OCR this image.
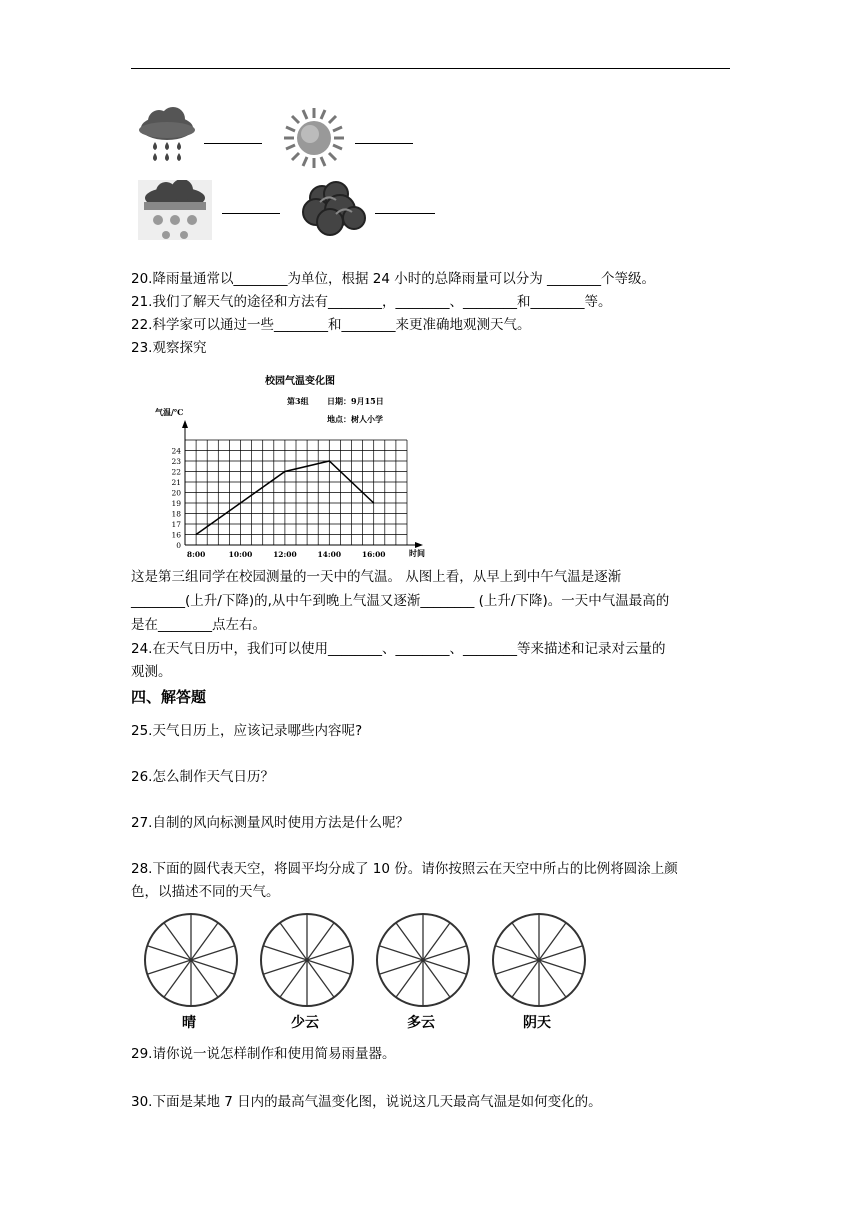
20.降雨量通常以________为单位，根据 24 小时的总降雨量可以分为 ________个等级。
21.我们了解天气的途径和方法有________，________、________和________等。
22.科学家可以通过一些________和________来更准确地观测天气。
23.观察探究
校园气温变化图
第3组 日期：9月15日
地点：树人小学
气温/℃
时间
0
16
17
18
19
20
21
22
23
24
8:00	10:00	12:00	14:00	16:00
这是第三组同学在校园测量的一天中的气温。 从图上看，从早上到中午气温是逐渐
________(上升/下降)的,从中午到晚上气温又逐渐________ (上升/下降)。一天中气温最高的
是在________点左右。
24.在天气日历中，我们可以使用________、________、________等来描述和记录对云量的
观测。
四、解答题
25.天气日历上，应该记录哪些内容呢?
26.怎么制作天气日历？
27.自制的风向标测量风时使用方法是什么呢？
28.下面的圆代表天空，将圆平均分成了 10 份。请你按照云在天空中所占的比例将圆涂上颜
色，以描述不同的天气。
晴	少云	多云	阴天
29.请你说一说怎样制作和使用简易雨量器。
30.下面是某地 7 日内的最高气温变化图，说说这几天最高气温是如何变化的。
